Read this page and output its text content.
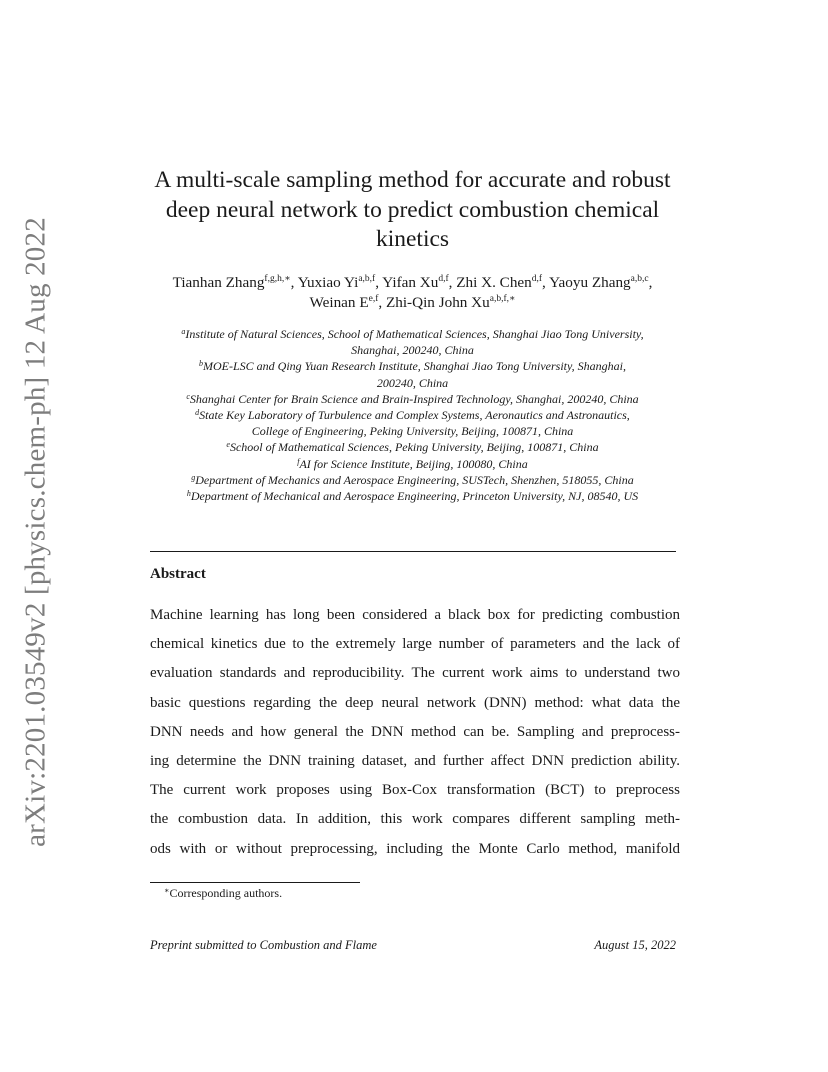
arXiv:2201.03549v2 [physics.chem-ph] 12 Aug 2022
A multi-scale sampling method for accurate and robust
deep neural network to predict combustion chemical
kinetics
Tianhan Zhang$^{f,g,h,∗}$, Yuxiao Yi$^{a,b,f}$, Yifan Xu$^{d,f}$, Zhi X. Chen$^{d,f}$, Yaoyu Zhang$^{a,b,c}$,
Weinan E$^{e,f}$, Zhi-Qin John $Xu^{a,b,f,∗}$
$^a$Institute of Natural Sciences, School of Mathematical Sciences, Shanghai Jiao Tong University,
Shanghai, 200240, China
$^b$MOE-LSC and Qing Yuan Research Institute, Shanghai Jiao Tong University, Shanghai,
200240, China
$^c$Shanghai Center for Brain Science and Brain-Inspired Technology, Shanghai, 200240, China
$^d$State Key Laboratory of Turbulence and Complex Systems, Aeronautics and Astronautics,
College of Engineering, Peking University, Beijing, 100871, China
$^e$School of Mathematical Sciences, Peking University, Beijing, 100871, China
$^f$AI for Science Institute, Beijing, 100080, China
$^g$Department of Mechanics and Aerospace Engineering, SUSTech, Shenzhen, 518055, China
$^h$Department of Mechanical and Aerospace Engineering, Princeton University, NJ, 08540, US
Abstract
Machine learning has long been considered a black box for predicting combustion
chemical kinetics due to the extremely large number of parameters and the lack of
evaluation standards and reproducibility. The current work aims to understand two
basic questions regarding the deep neural network (DNN) method: what data the
DNN needs and how general the DNN method can be. Sampling and preprocess-
ing determine the DNN training dataset, and further affect DNN prediction ability.
The current work proposes using Box-Cox transformation (BCT) to preprocess
the combustion data. In addition, this work compares different sampling meth-
ods with or without preprocessing, including the Monte Carlo method, manifold
∗Corresponding authors.
Preprint submitted to Combustion and Flame	August 15, 2022
